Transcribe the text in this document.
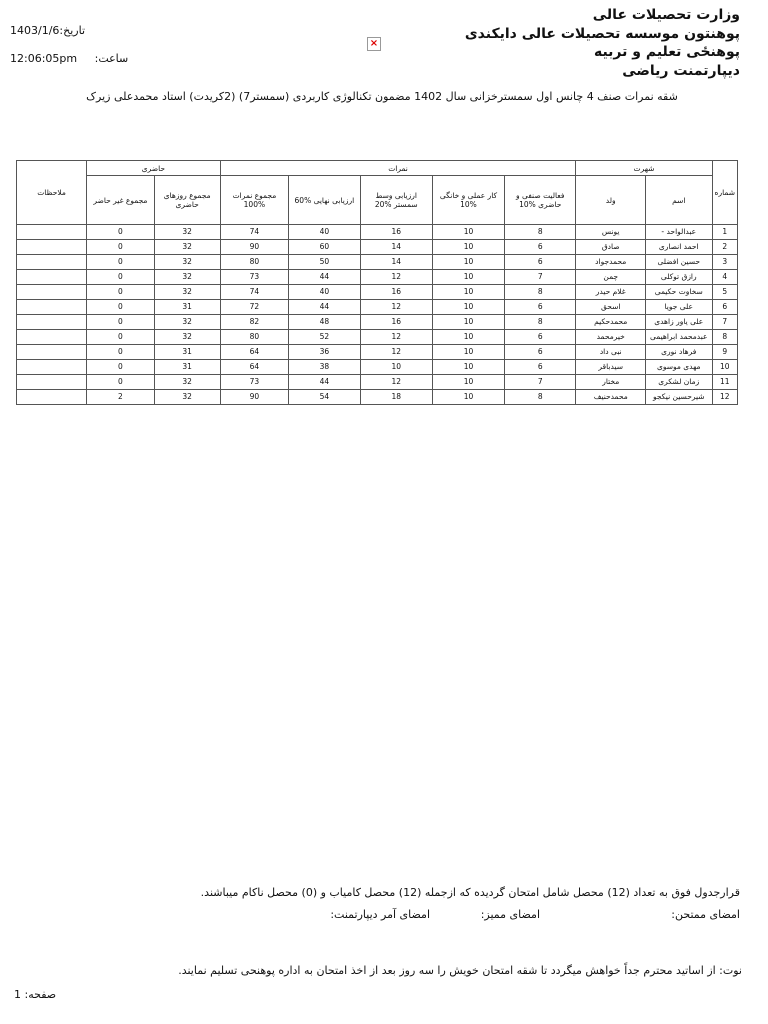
وزارت تحصیلات عالی
پوهنتون موسسه تحصیلات عالی دایکندی
پوهنځی تعلیم و تربیه
دیپارتمنت ریاضی
تاریخ:1403/1/6
12:06:05pm ساعت:
×
شقه نمرات صنف 4 چانس اول سمسترخزانی سال 1402 مضمون تکنالوژی کاربردی (سمستر7) (2کریدت) استاد محمدعلی زیرک
شماره	شهرت		نمرات					حاضری		ملاحظات
	اسم	ولد	فعالیت صنفی و حاضری %10	کار عملی و خانگی %10	ارزیابی وسط سمستر %20	ارزیابی نهایی %60	مجموع نمرات %100	مجموع روزهای حاضری	مجموع غیر حاضر	
1	عبدالواحد -	یونس	8	10	16	40	74	32	0	
2	احمد انصاری	صادق	6	10	14	60	90	32	0	
3	حسین افضلی	محمدجواد	6	10	14	50	80	32	0	
4	رازق توکلی	چمن	7	10	12	44	73	32	0	
5	سخاوت حکیمی	غلام حیدر	8	10	16	40	74	32	0	
6	علی جویا	اسحق	6	10	12	44	72	31	0	
7	علی یاور زاهدی	محمدحکیم	8	10	16	48	82	32	0	
8	عبدمحمد ابراهیمی	خیرمحمد	6	10	12	52	80	32	0	
9	فرهاد نوری	نبی داد	6	10	12	36	64	31	0	
10	مهدی موسوی	سیدباقر	6	10	10	38	64	31	0	
11	زمان لشکری	مختار	7	10	12	44	73	32	0	
12	شیرحسین نیکجو	محمدحنیف	8	10	18	54	90	32	2	
قرارجدول فوق به تعداد (12) محصل شامل امتحان گردیده که ازجمله (12) محصل کامیاب و (0) محصل ناکام میباشند.
امضای ممتحن:
امضای ممیز:
امضای آمر دیپارتمنت:
نوت: از اساتید محترم جداً خواهش میگردد تا شقه امتحان خویش را سه روز بعد از اخذ امتحان به اداره پوهنحی تسلیم نمایند.
صفحه: 1
